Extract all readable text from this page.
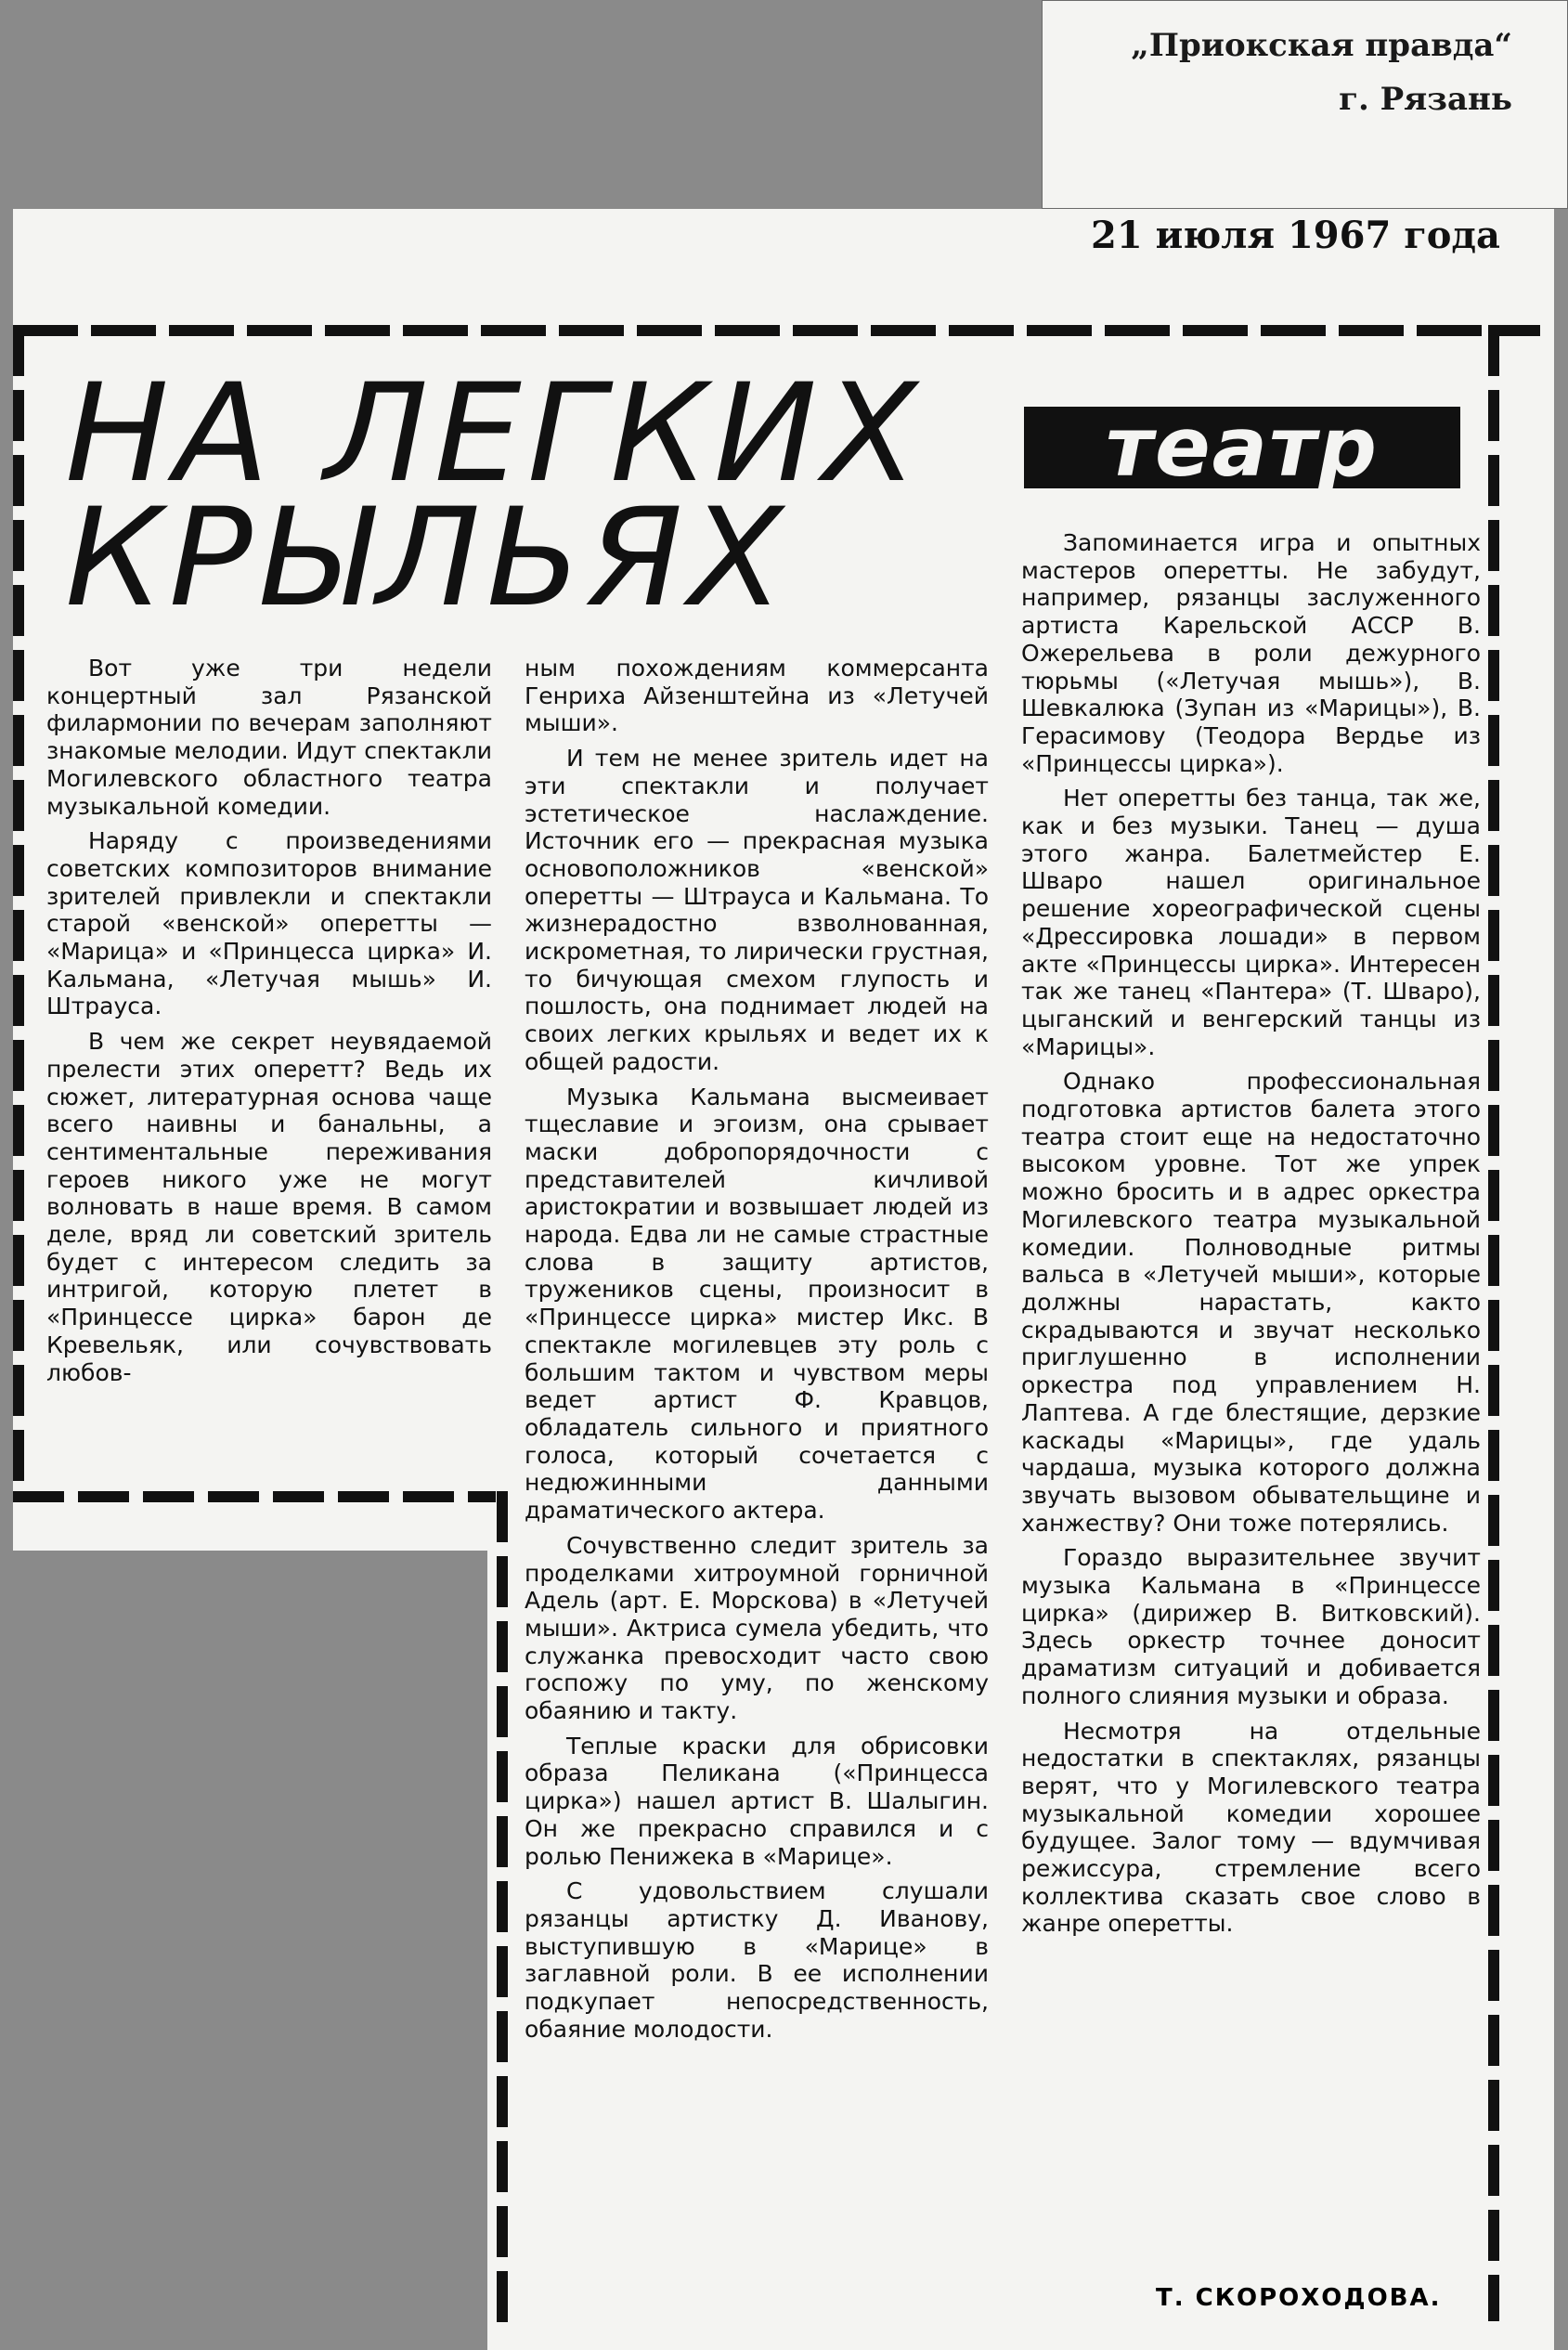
„Приокская правда“
г. Рязань
21 июля 1967 года
НА ЛЕГКИХ
КРЫЛЬЯХ
театр

Вот уже три недели концертный зал Рязанской филармонии по вечерам заполняют знакомые мелодии. Идут спектакли Могилевского областного театра музыкальной комедии.

Наряду с произведениями советских композиторов внимание зрителей привлекли и спектакли старой «венской» оперетты — «Марица» и «Принцесса цирка» И. Кальмана, «Летучая мышь» И. Штрауса.

В чем же секрет неувядаемой прелести этих оперетт? Ведь их сюжет, литературная основа чаще всего наивны и банальны, а сентиментальные переживания героев никого уже не могут волновать в наше время. В самом деле, вряд ли советский зритель будет с интересом следить за интригой, которую плетет в «Принцессе цирка» барон де Кревельяк, или сочувствовать любов-

ным похождениям коммерсанта Генриха Айзенштейна из «Летучей мыши».

И тем не менее зритель идет на эти спектакли и получает эстетическое наслаждение. Источник его — прекрасная музыка основоположников «венской» оперетты — Штрауса и Кальмана. То жизнерадостно взволнованная, искрометная, то лирически грустная, то бичующая смехом глупость и пошлость, она поднимает людей на своих легких крыльях и ведет их к общей радости.

Музыка Кальмана высмеивает тщеславие и эгоизм, она срывает маски добропорядочности с представителей кичливой аристократии и возвышает людей из народа. Едва ли не самые страстные слова в защиту артистов, тружеников сцены, произносит в «Принцессе цирка» мистер Икс. В спектакле могилевцев эту роль с большим тактом и чувством меры ведет артист Ф. Кравцов, обладатель сильного и приятного голоса, который сочетается с недюжинными данными драматического актера.

Сочувственно следит зритель за проделками хитроумной горничной Адель (арт. Е. Морскова) в «Летучей мыши». Актриса сумела убедить, что служанка превосходит часто свою госпожу по уму, по женскому обаянию и такту.

Теплые краски для обрисовки образа Пеликана («Принцесса цирка») нашел артист В. Шалыгин. Он же прекрасно справился и с ролью Пенижека в «Марице».

С удовольствием слушали рязанцы артистку Д. Иванову, выступившую в «Марице» в заглавной роли. В ее исполнении подкупает непосредственность, обаяние молодости.

Запоминается игра и опытных мастеров оперетты. Не забудут, например, рязанцы заслуженного артиста Карельской АССР В. Ожерельева в роли дежурного тюрьмы («Летучая мышь»), В. Шевкалюка (Зупан из «Марицы»), В. Герасимову (Теодора Вердье из «Принцессы цирка»).

Нет оперетты без танца, так же, как и без музыки. Танец — душа этого жанра. Балетмейстер Е. Шваро нашел оригинальное решение хореографической сцены «Дрессировка лошади» в первом акте «Принцессы цирка». Интересен так же танец «Пантера» (Т. Шваро), цыганский и венгерский танцы из «Марицы».

Однако профессиональная подготовка артистов балета этого театра стоит еще на недостаточно высоком уровне. Тот же упрек можно бросить и в адрес оркестра Могилевского театра музыкальной комедии. Полноводные ритмы вальса в «Летучей мыши», которые должны нарастать, както скрадываются и звучат несколько приглушенно в исполнении оркестра под управлением Н. Лаптева. А где блестящие, дерзкие каскады «Марицы», где удаль чардаша, музыка которого должна звучать вызовом обывательщине и ханжеству? Они тоже потерялись.

Гораздо выразительнее звучит музыка Кальмана в «Принцессе цирка» (дирижер В. Витковский). Здесь оркестр точнее доносит драматизм ситуаций и добивается полного слияния музыки и образа.

Несмотря на отдельные недостатки в спектаклях, рязанцы верят, что у Могилевского театра музыкальной комедии хорошее будущее. Залог тому — вдумчивая режиссура, стремление всего коллектива сказать свое слово в жанре оперетты.

Т. СКОРОХОДОВА.
